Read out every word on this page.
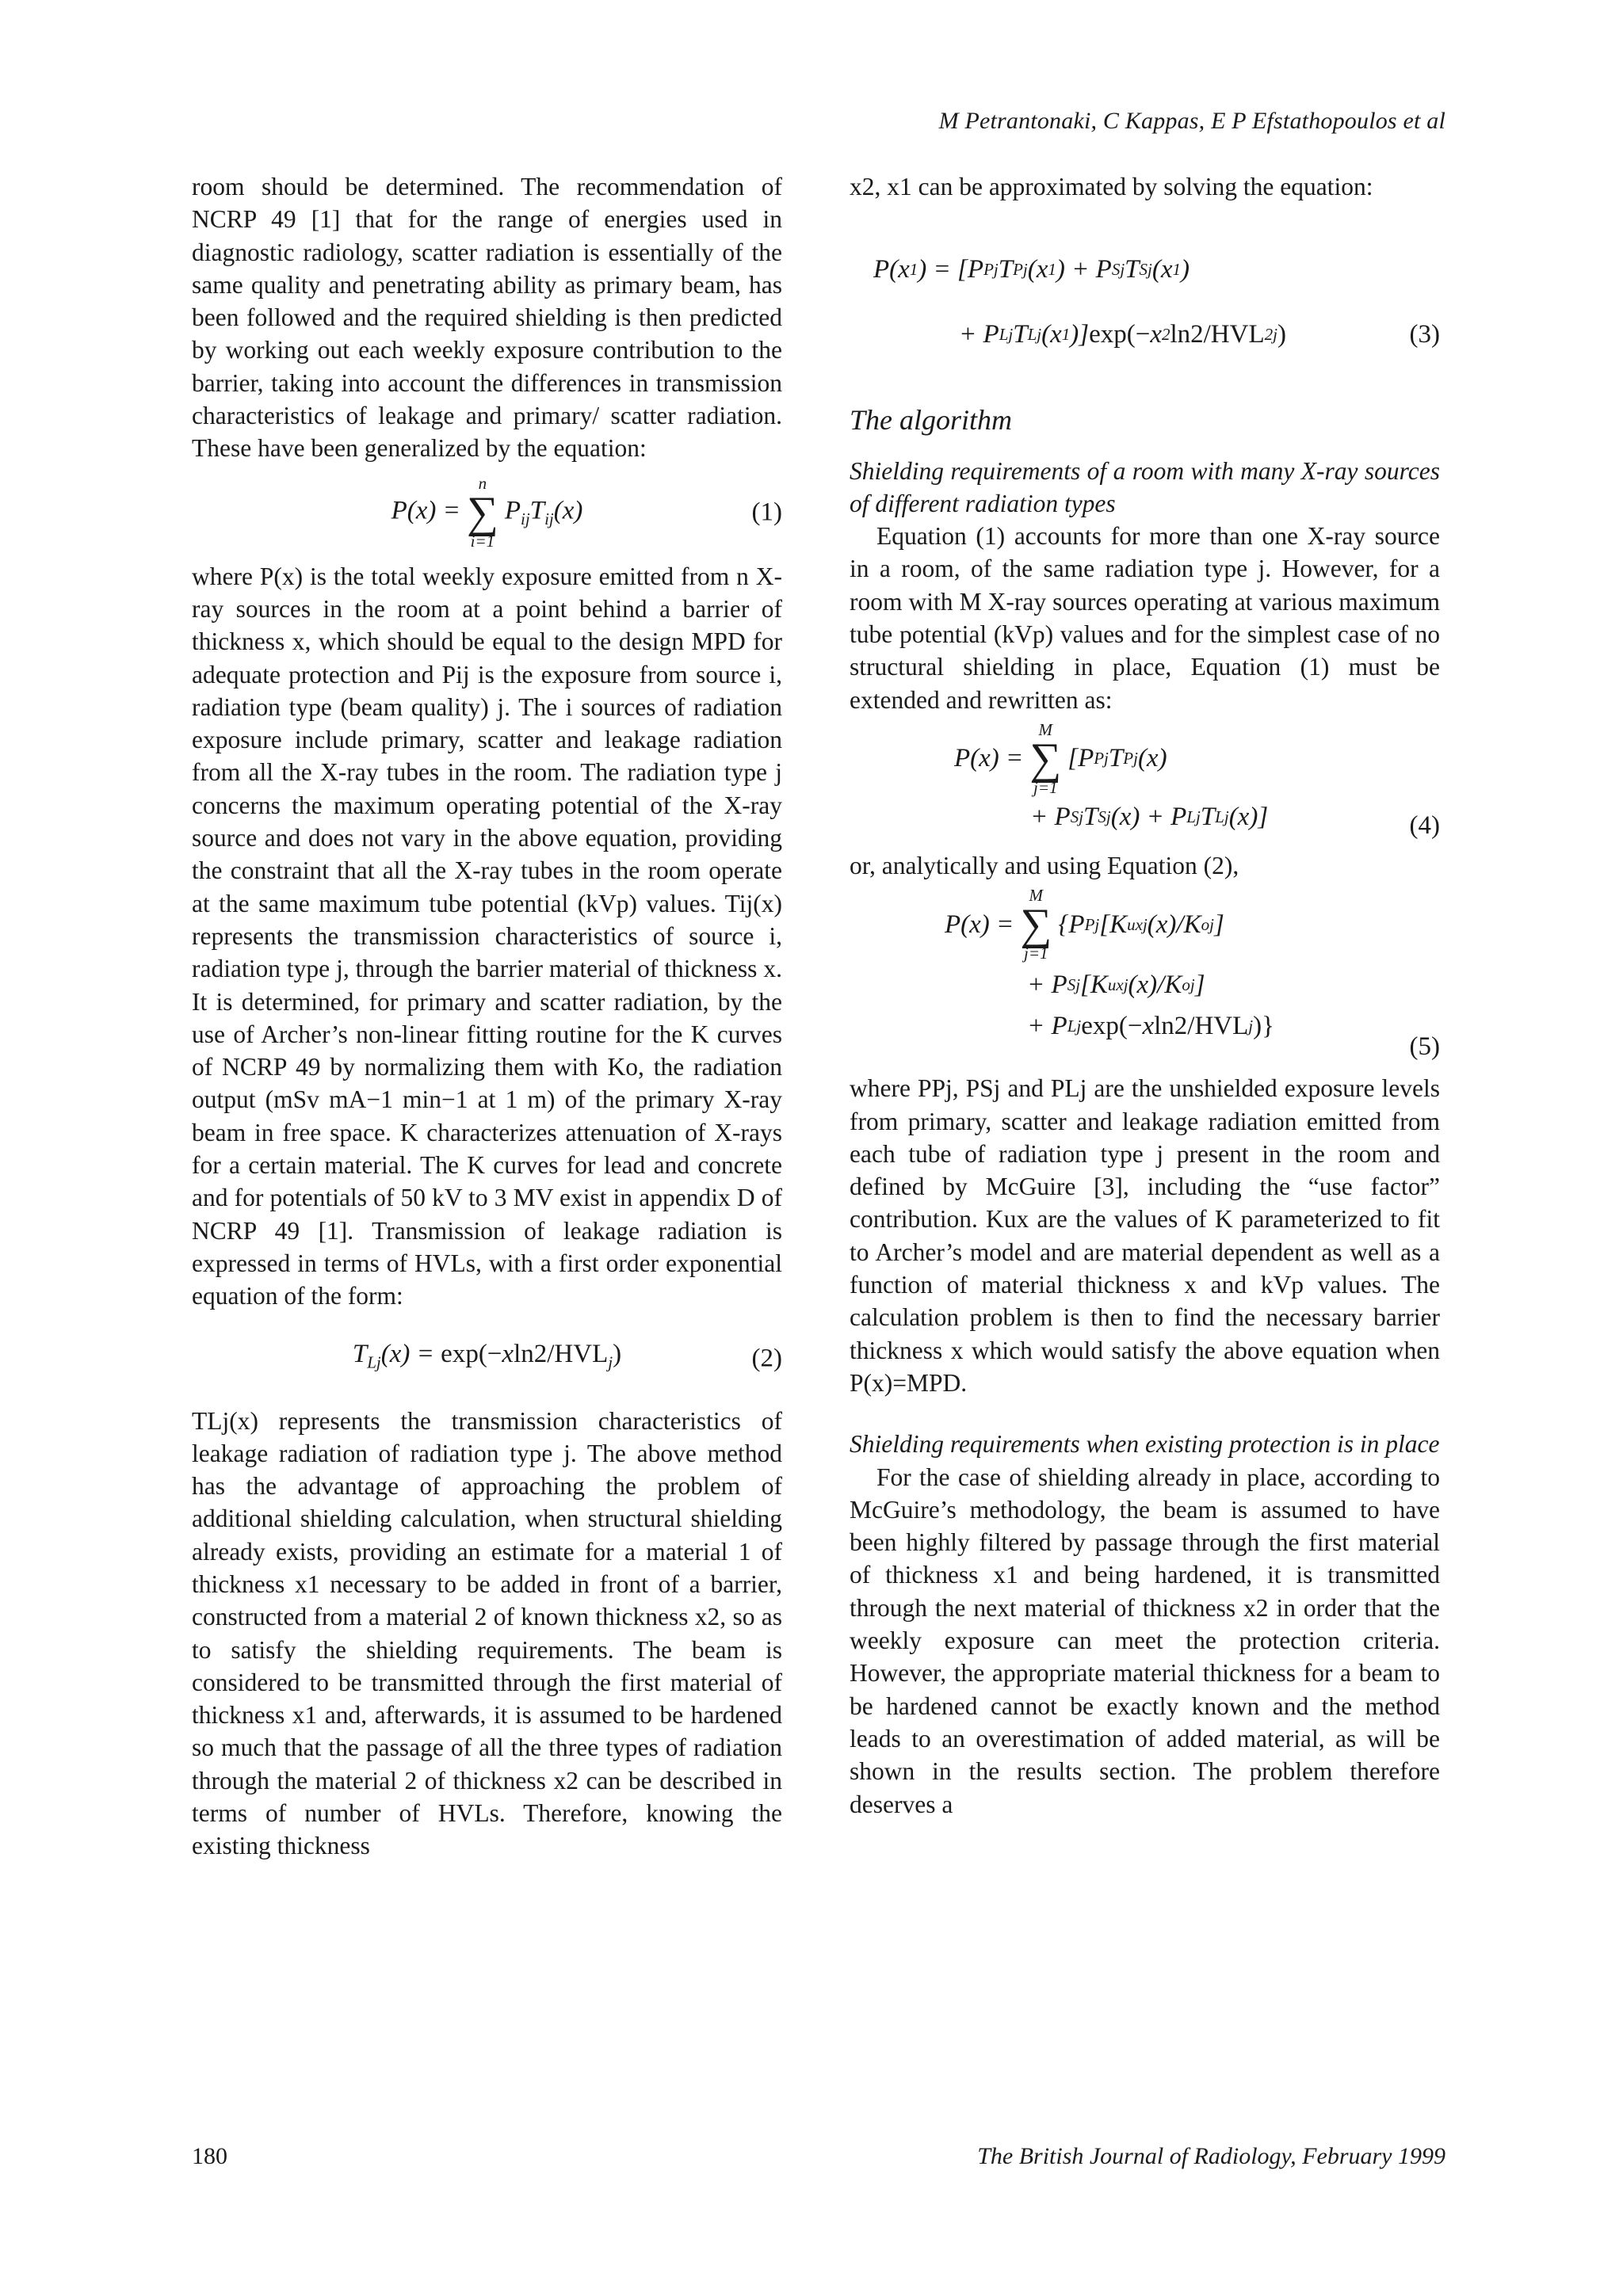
M Petrantonaki, C Kappas, E P Efstathopoulos et al

room should be determined. The recommendation of NCRP 49 [1] that for the range of energies used in diagnostic radiology, scatter radiation is essentially of the same quality and penetrating ability as primary beam, has been followed and the required shielding is then predicted by working out each weekly exposure contribution to the barrier, taking into account the differences in transmission characteristics of leakage and primary/ scatter radiation. These have been generalized by the equation:

P(x) =
n
∑
i=1
$P_{ij}T_{ij}(x)$	(1)

where P(x) is the total weekly exposure emitted from n X-ray sources in the room at a point behind a barrier of thickness x, which should be equal to the design MPD for adequate protection and Pij is the exposure from source i, radiation type (beam quality) j. The i sources of radiation exposure include primary, scatter and leakage radiation from all the X-ray tubes in the room. The radiation type j concerns the maximum operating potential of the X-ray source and does not vary in the above equation, providing the constraint that all the X-ray tubes in the room operate at the same maximum tube potential (kVp) values. Tij(x) represents the transmission characteristics of source i, radiation type j, through the barrier material of thickness x. It is determined, for primary and scatter radiation, by the use of Archer’s non-linear fitting routine for the K curves of NCRP 49 by normalizing them with Ko, the radiation output (mSv mA−1 min−1 at 1 m) of the primary X-ray beam in free space. K characterizes attenuation of X-rays for a certain material. The K curves for lead and concrete and for potentials of 50 kV to 3 MV exist in appendix D of NCRP 49 [1]. Transmission of leakage radiation is expressed in terms of HVLs, with a first order exponential equation of the form:

$T_{Lj}(x) = \exp(-xln2/HVL_j)$	(2)

TLj(x) represents the transmission characteristics of leakage radiation of radiation type j. The above method has the advantage of approaching the problem of additional shielding calculation, when structural shielding already exists, providing an estimate for a material 1 of thickness x1 necessary to be added in front of a barrier, constructed from a material 2 of known thickness x2, so as to satisfy the shielding requirements. The beam is considered to be transmitted through the first material of thickness x1 and, afterwards, it is assumed to be hardened so much that the passage of all the three types of radiation through the material 2 of thickness x2 can be described in terms of number of HVLs. Therefore, knowing the existing thickness

x2, x1 can be approximated by solving the equation:

P(x 1 ) = [P Pj T Pj (x 1 ) + P Sj T Sj (x 1 )
+ P Lj T Lj (x 1 )] exp(− x 2 ln2/HVL 2j )	(3)
The algorithm

Shielding requirements of a room with many X-ray sources of different radiation types

Equation (1) accounts for more than one X-ray source in a room, of the same radiation type j. However, for a room with M X-ray sources operating at various maximum tube potential (kVp) values and for the simplest case of no structural shielding in place, Equation (1) must be extended and rewritten as:

P(x) =
M
∑
j=1
[P Pj T Pj (x)
+ P Sj T Sj (x) + P Lj T Lj (x)]	(4)

or, analytically and using Equation (2),

P(x) =
M
∑
j=1
{P Pj [K uxj (x)/K oj ]
+ P Sj [K uxj (x)/K oj ]
+ P Lj exp(− x ln2/HVL j )}
(5)

where PPj, PSj and PLj are the unshielded exposure levels from primary, scatter and leakage radiation emitted from each tube of radiation type j present in the room and defined by McGuire [3], including the “use factor” contribution. Kux are the values of K parameterized to fit to Archer’s model and are material dependent as well as a function of material thickness x and kVp values. The calculation problem is then to find the necessary barrier thickness x which would satisfy the above equation when P(x)=MPD.

Shielding requirements when existing protection is in place

For the case of shielding already in place, according to McGuire’s methodology, the beam is assumed to have been highly filtered by passage through the first material of thickness x1 and being hardened, it is transmitted through the next material of thickness x2 in order that the weekly exposure can meet the protection criteria. However, the appropriate material thickness for a beam to be hardened cannot be exactly known and the method leads to an overestimation of added material, as will be shown in the results section. The problem therefore deserves a

180	The British Journal of Radiology, February 1999
